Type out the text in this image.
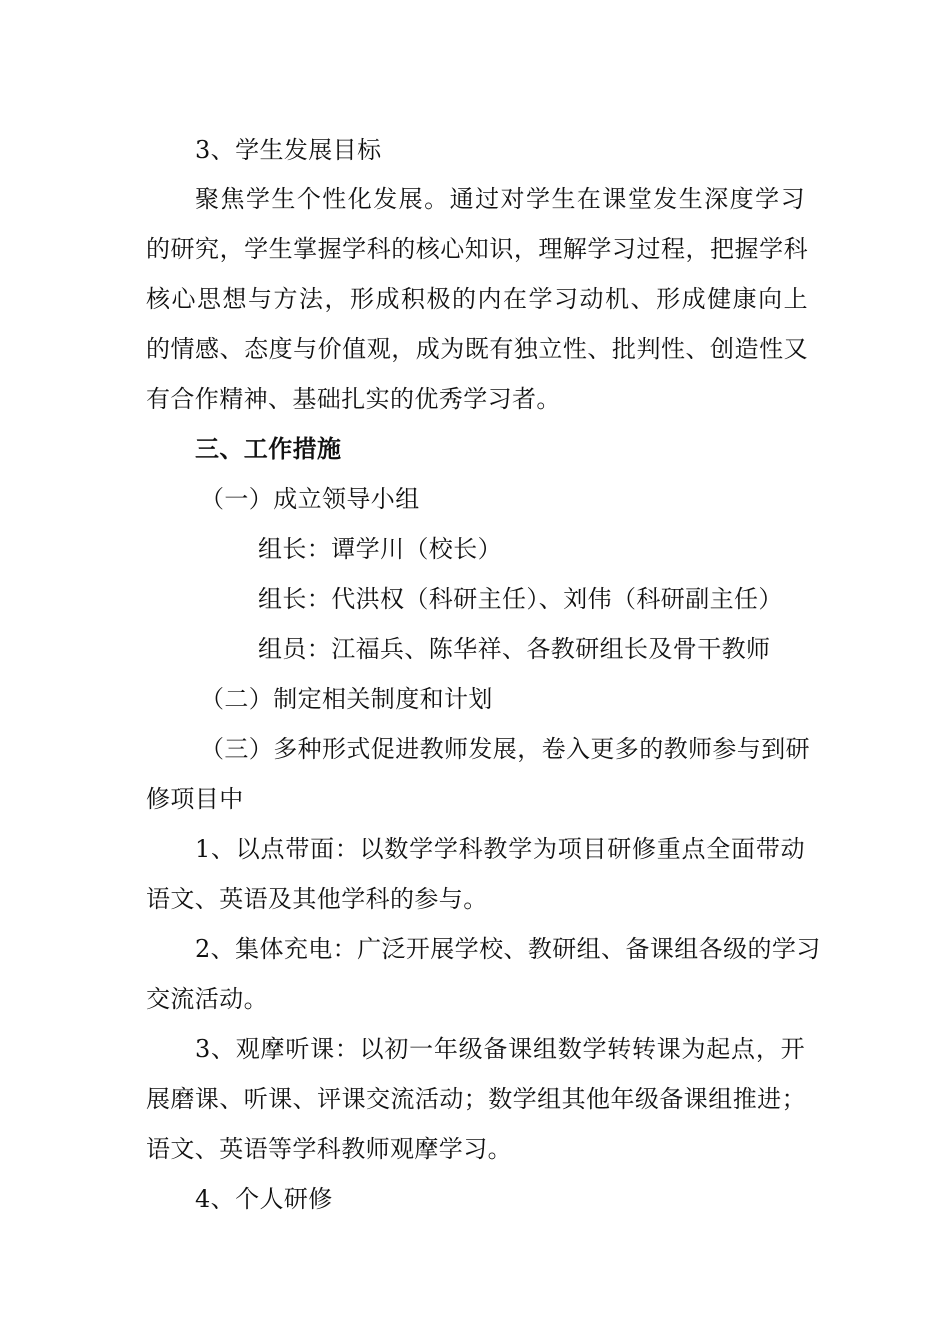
3、学生发展目标
聚焦学生个性化发展。通过对学生在课堂发生深度学习
的研究，学生掌握学科的核心知识，理解学习过程，把握学科
核心思想与方法，形成积极的内在学习动机、形成健康向上
的情感、态度与价值观，成为既有独立性、批判性、创造性又
有合作精神、基础扎实的优秀学习者。
三、工作措施
（一）成立领导小组
组长：谭学川（校长）
组长：代洪权（科研主任）、刘伟（科研副主任）
组员：江福兵、陈华祥、各教研组长及骨干教师
（二）制定相关制度和计划
（三）多种形式促进教师发展，卷入更多的教师参与到研
修项目中
1、以点带面：以数学学科教学为项目研修重点全面带动
语文、英语及其他学科的参与。
2、集体充电：广泛开展学校、教研组、备课组各级的学习
交流活动。
3、观摩听课：以初一年级备课组数学转转课为起点，开
展磨课、听课、评课交流活动；数学组其他年级备课组推进；
语文、英语等学科教师观摩学习。
4、个人研修
